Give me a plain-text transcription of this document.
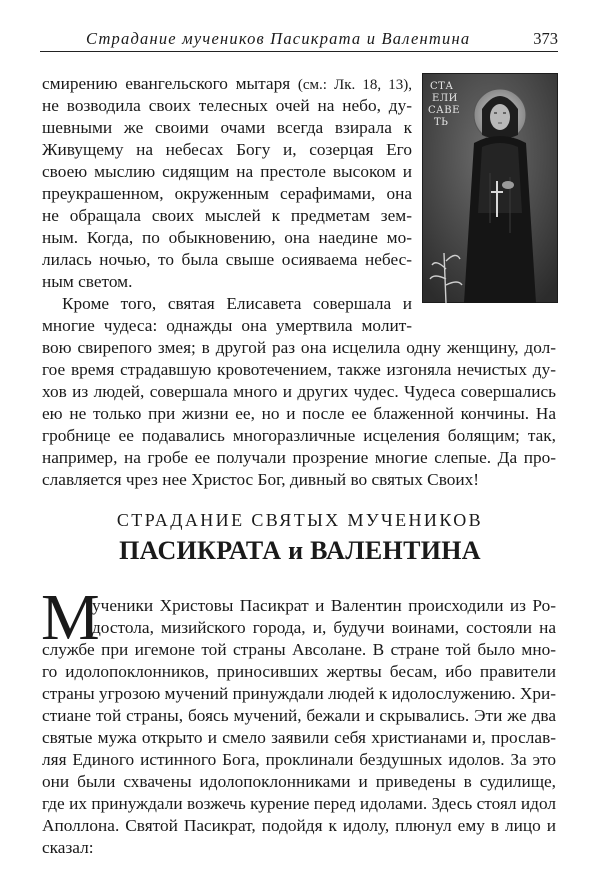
Страдание мучеников Пасикрата и Валентина	373
СТА
ЕЛИ
САВЕ
ТЬ
смирению евангельского мытаря (см.: Лк. 18, 13),
не возводила своих телесных очей на небо, ду-
шевными же своими очами всегда взирала к
Живущему на небесах Богу и, созерцая Его
своею мыслию сидящим на престоле высоком и
преукрашенном, окруженным серафимами, она
не обращала своих мыслей к предметам зем-
ным. Когда, по обыкновению, она наедине мо-
лилась ночью, то была свыше осияваема небес-
ным светом.
Кроме того, святая Елисавета совершала и
многие чудеса: однажды она умертвила молит-
вою свирепого змея; в другой раз она исцелила одну женщину, дол-
гое время страдавшую кровотечением, также изгоняла нечистых ду-
хов из людей, совершала много и других чудес. Чудеса совершались
ею не только при жизни ее, но и после ее блаженной кончины. На
гробнице ее подавались многоразличные исцеления болящим; так,
например, на гробе ее получали прозрение многие слепые. Да про-
славляется чрез нее Христос Бог, дивный во святых Своих!
СТРАДАНИЕ СВЯТЫХ МУЧЕНИКОВ
ПАСИКРАТА и ВАЛЕНТИНА
М
ученики Христовы Пасикрат и Валентин происходили из Ро-
достола, мизийского города, и, будучи воинами, состояли на
службе при игемоне той страны Авсолане. В стране той было мно-
го идолопоклонников, приносивших жертвы бесам, ибо правители
страны угрозою мучений принуждали людей к идолослужению. Хри-
стиане той страны, боясь мучений, бежали и скрывались. Эти же два
святые мужа открыто и смело заявили себя христианами и, прослав-
ляя Единого истинного Бога, проклинали бездушных идолов. За это
они были схвачены идолопоклонниками и приведены в судилище,
где их принуждали возжечь курение перед идолами. Здесь стоял идол
Аполлона. Святой Пасикрат, подойдя к идолу, плюнул ему в лицо и
сказал:
